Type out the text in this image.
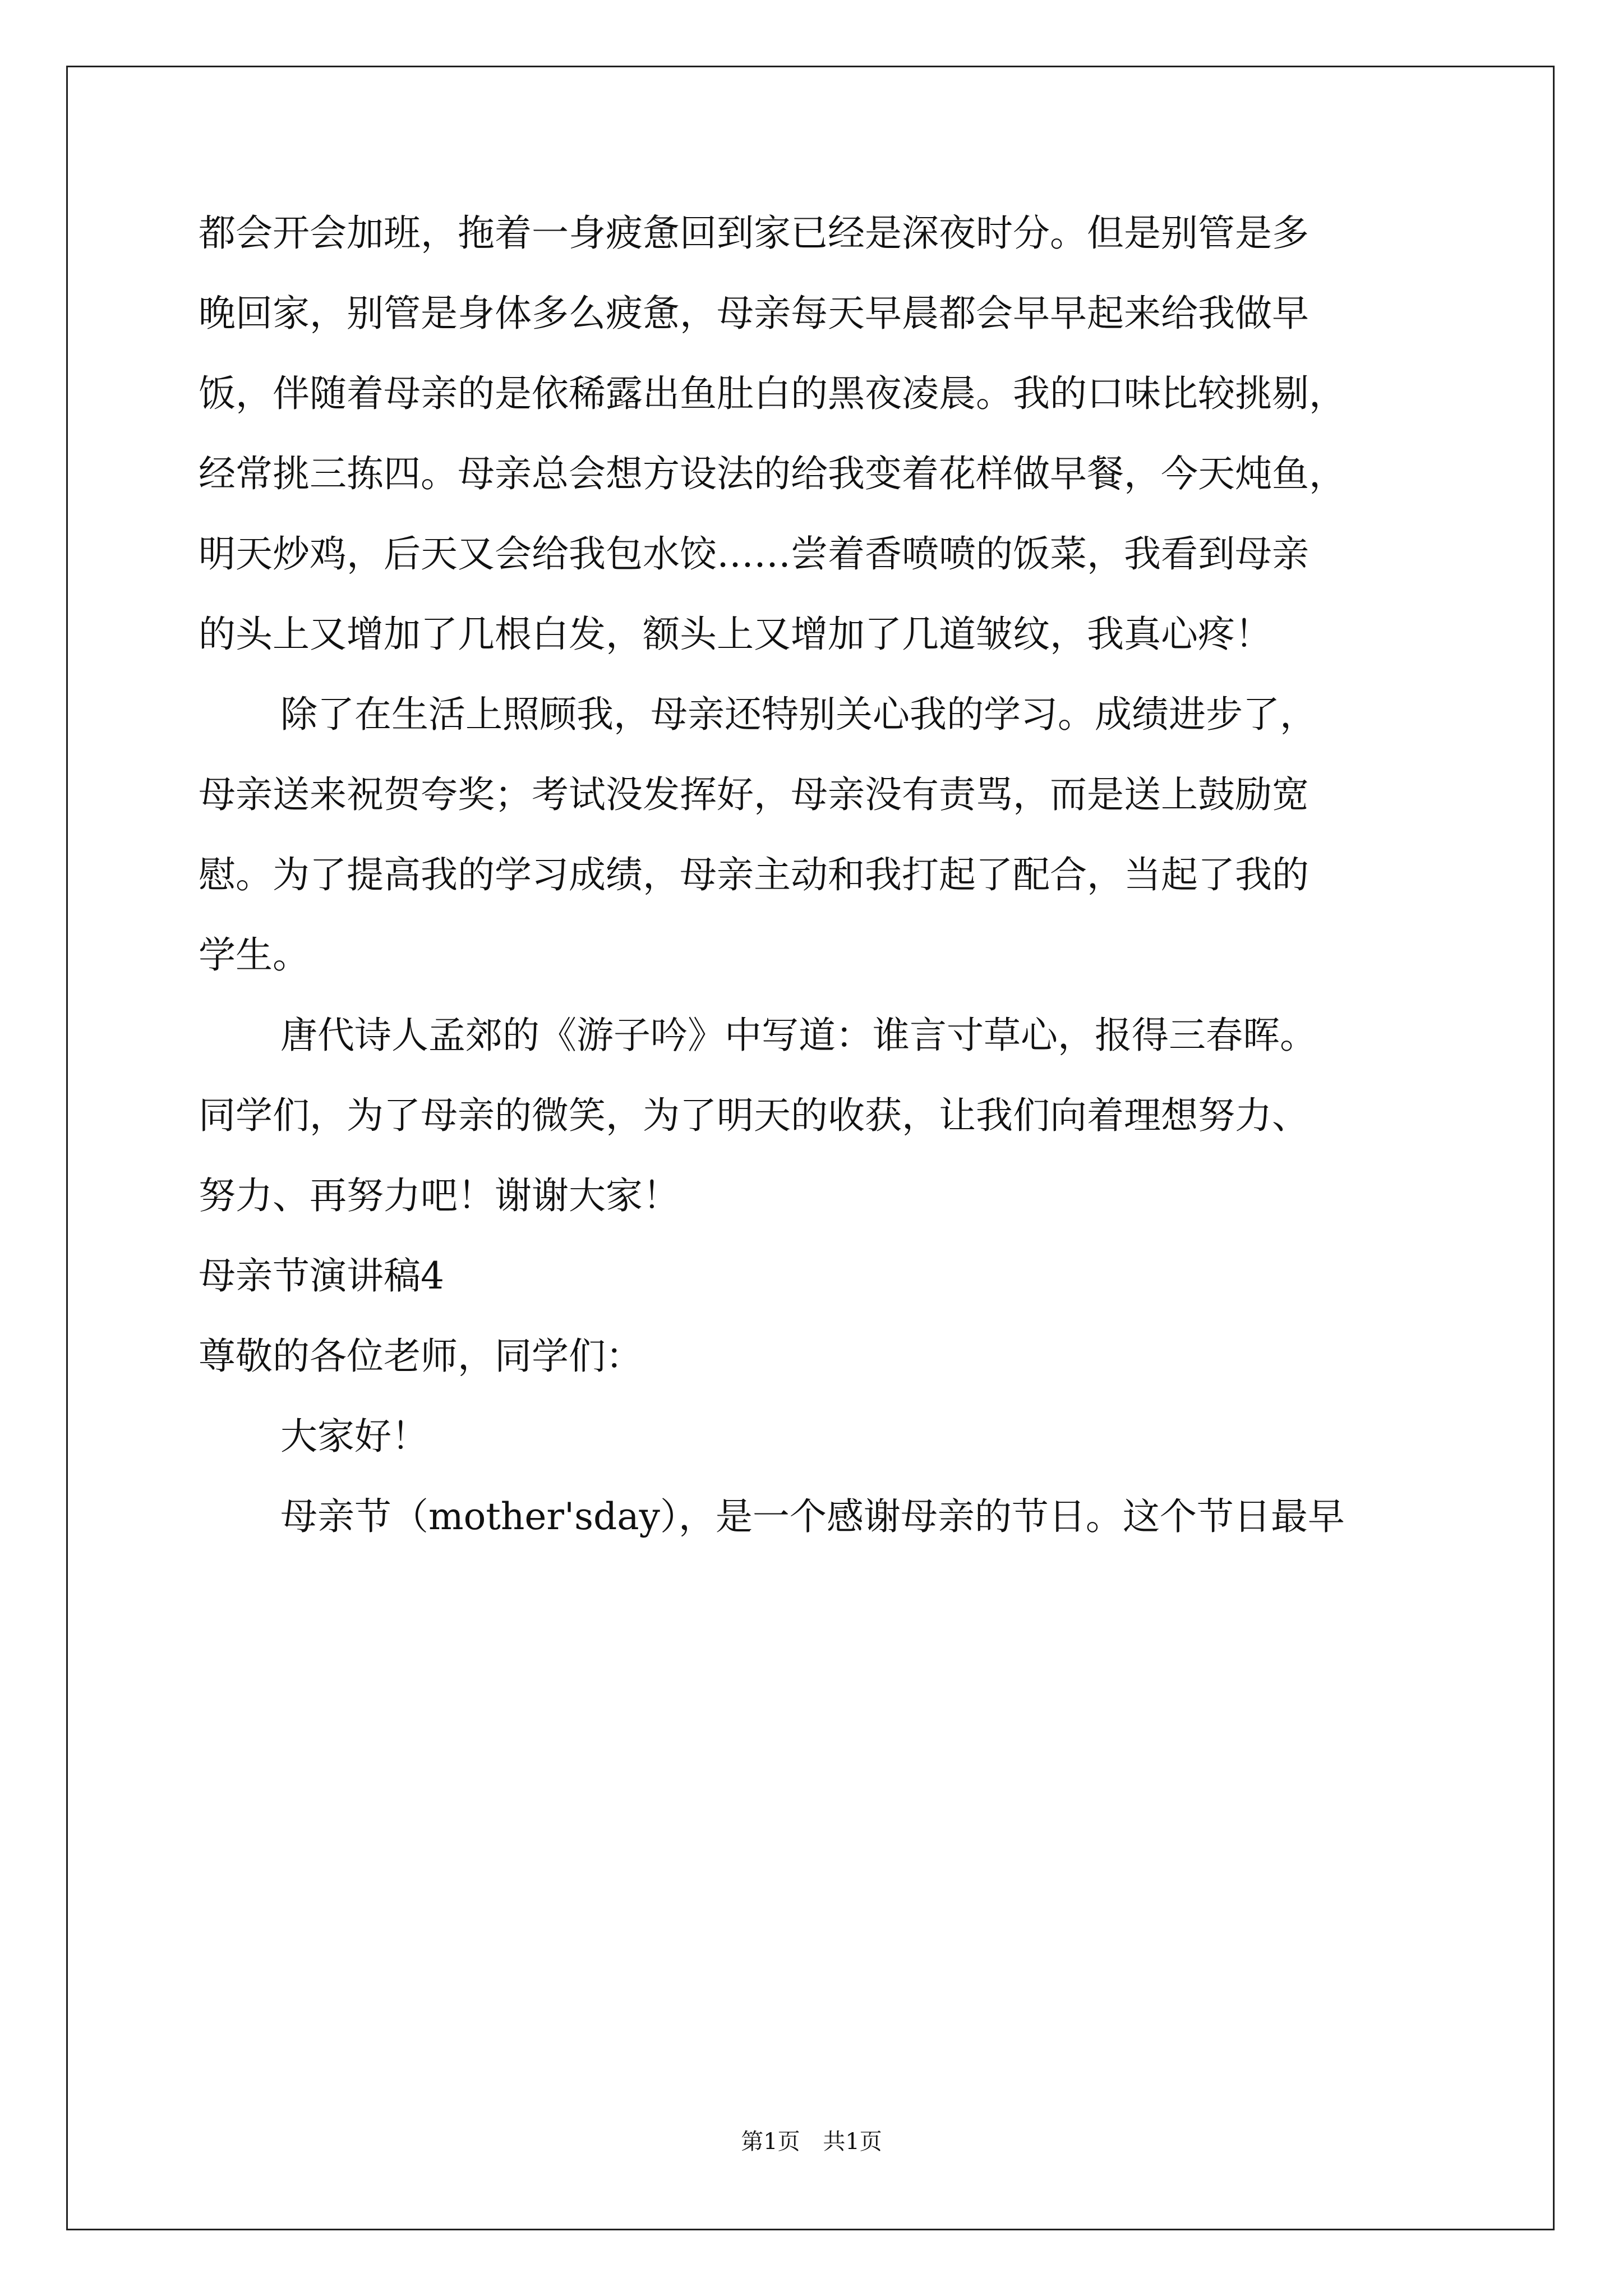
都会开会加班，拖着一身疲惫回到家已经是深夜时分。但是别管是多
晚回家，别管是身体多么疲惫，母亲每天早晨都会早早起来给我做早
饭，伴随着母亲的是依稀露出鱼肚白的黑夜凌晨。我的口味比较挑剔，
经常挑三拣四。母亲总会想方设法的给我变着花样做早餐，今天炖鱼，
明天炒鸡，后天又会给我包水饺……尝着香喷喷的饭菜，我看到母亲
的头上又增加了几根白发，额头上又增加了几道皱纹，我真心疼！
除了在生活上照顾我，母亲还特别关心我的学习。成绩进步了，
母亲送来祝贺夸奖；考试没发挥好，母亲没有责骂，而是送上鼓励宽
慰。为了提高我的学习成绩，母亲主动和我打起了配合，当起了我的
学生。
唐代诗人孟郊的《游子吟》中写道：谁言寸草心，报得三春晖。
同学们，为了母亲的微笑，为了明天的收获，让我们向着理想努力、
努力、再努力吧！谢谢大家！
母亲节演讲稿4
尊敬的各位老师，同学们：
大家好！
母亲节（mother'sday），是一个感谢母亲的节日。这个节日最早
第1页 共1页
